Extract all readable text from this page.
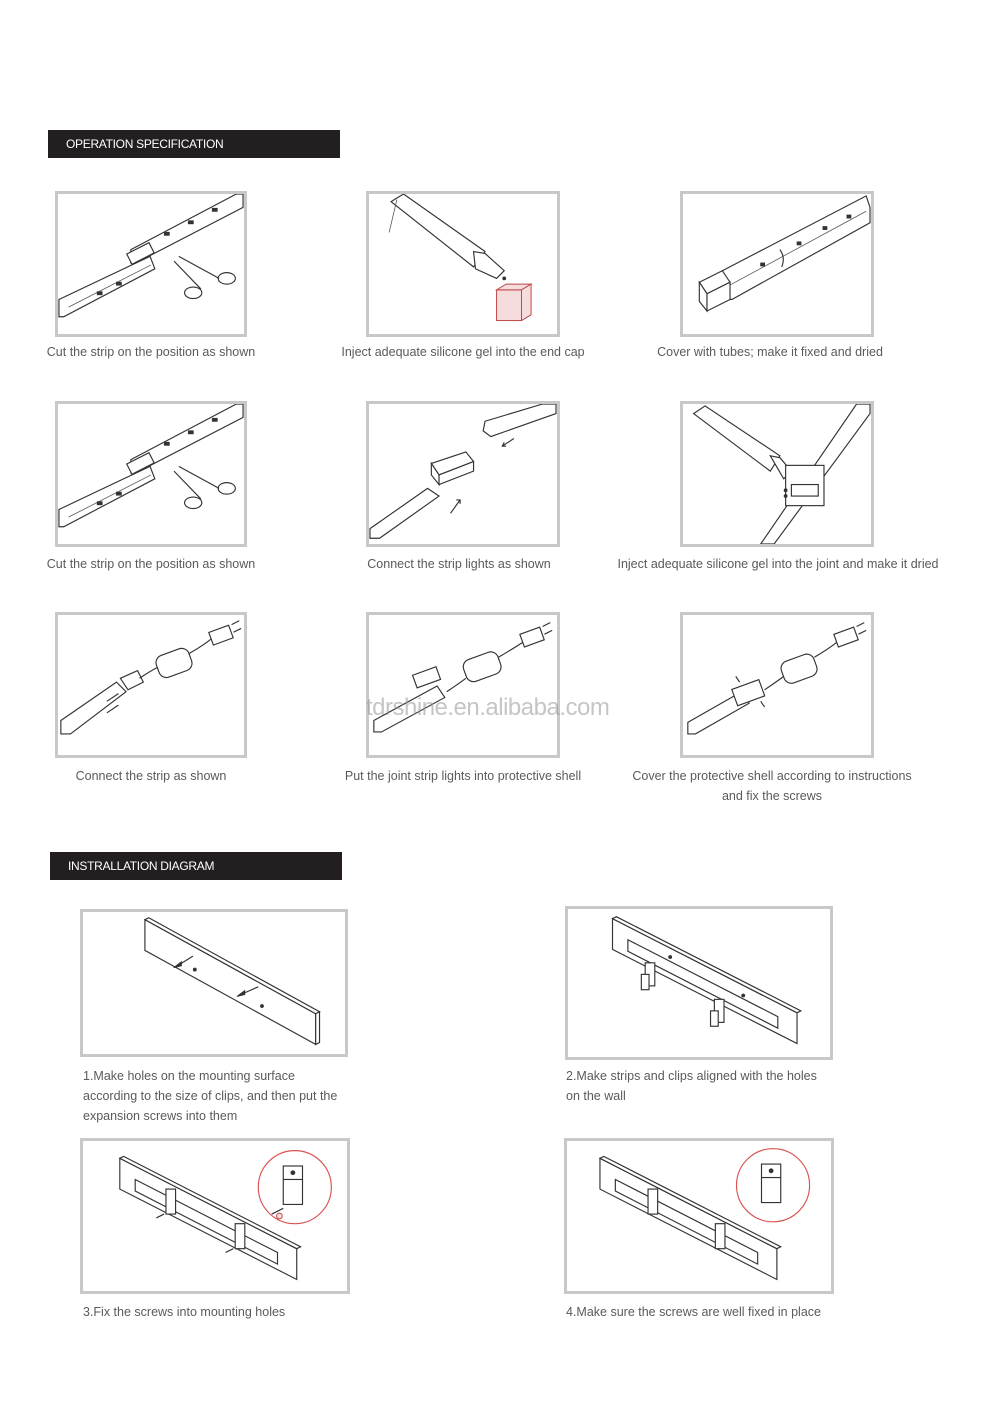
OPERATION SPECIFICATION
Cut the strip on the position as shown	Inject adequate silicone gel into the end cap	Cover with tubes; make it fixed and dried
Cut the strip on the position as shown	Connect the strip lights as shown	Inject adequate silicone gel into the joint and make it dried
Connect the strip as shown	Put the joint strip lights into protective shell	Cover the protective shell according to instructions
and fix the screws
tdrshine.en.alibaba.com
INSTRALLATION DIAGRAM
1.Make holes on the mounting surface
according to the size of clips, and then put the
expansion screws into them
2.Make strips and clips aligned with the holes
on the wall
3.Fix the screws into mounting holes	4.Make sure the screws are well fixed in place
